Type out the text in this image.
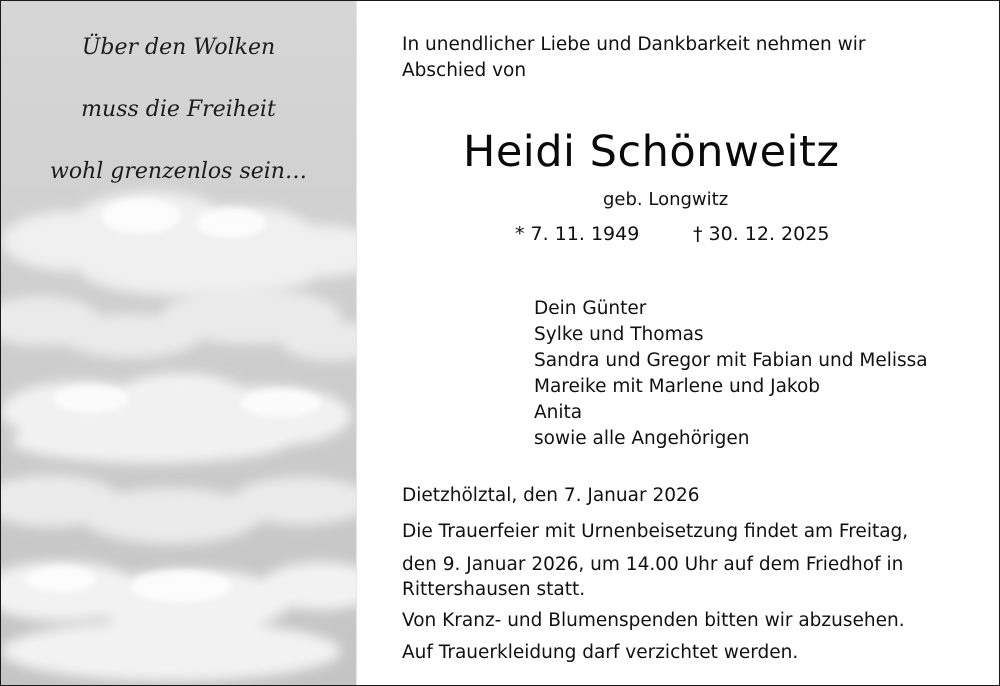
Über den Wolken
muss die Freiheit
wohl grenzenlos sein…
In unendlicher Liebe und Dankbarkeit nehmen wir
Abschied von
Heidi Schönweitz
geb. Longwitz
* 7. 11. 1949	† 30. 12. 2025
Dein Günter
Sylke und Thomas
Sandra und Gregor mit Fabian und Melissa
Mareike mit Marlene und Jakob
Anita
sowie alle Angehörigen
Dietzhölztal, den 7. Januar 2026
Die Trauerfeier mit Urnenbeisetzung findet am Freitag,
den 9. Januar 2026, um 14.00 Uhr auf dem Friedhof in
Rittershausen statt.
Von Kranz- und Blumenspenden bitten wir abzusehen.
Auf Trauerkleidung darf verzichtet werden.
